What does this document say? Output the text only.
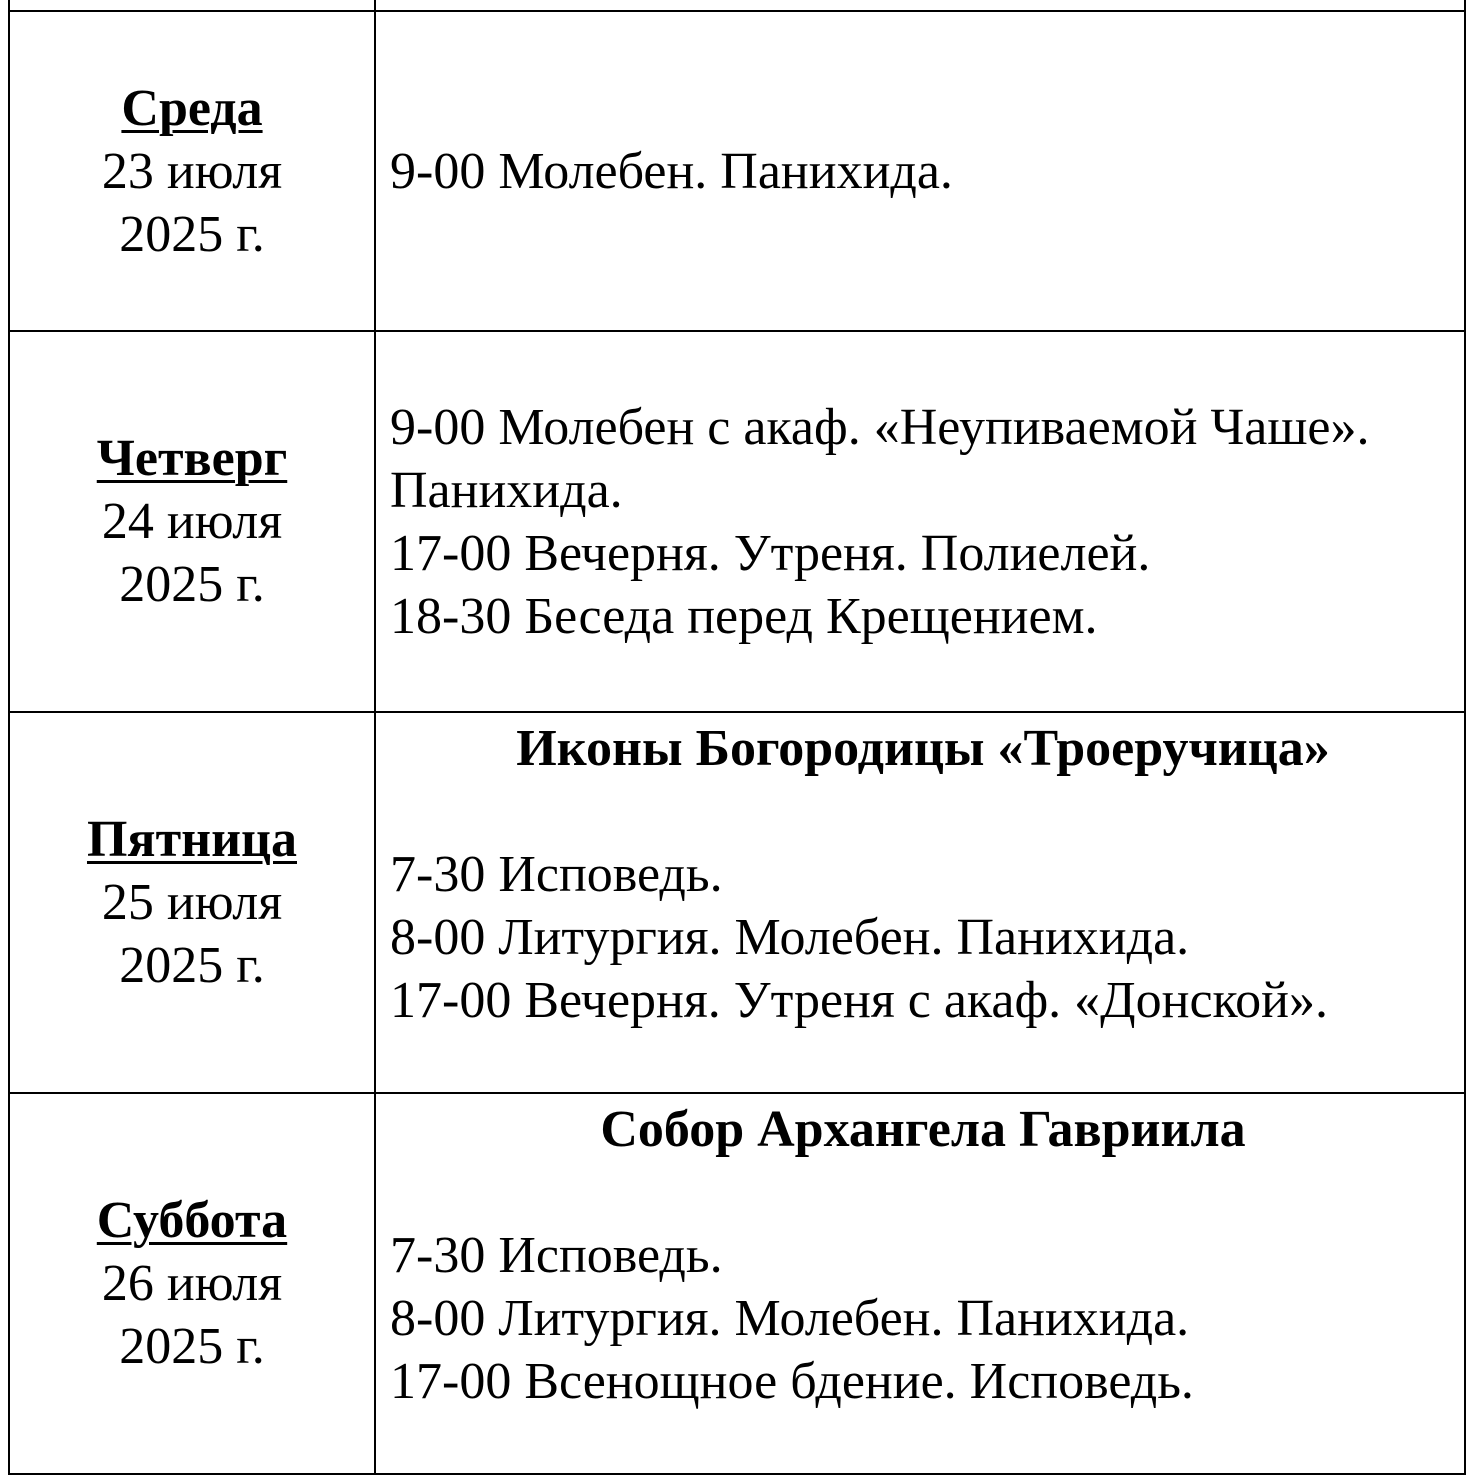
Среда
23 июля
2025 г.	9-00 Молебен. Панихида.

Четверг
24 июля
2025 г.	9-00 Молебен с акаф. «Неупиваемой Чаше».
Панихида.
17-00 Вечерня. Утреня. Полиелей.
18-30 Беседа перед Крещением.

Пятница
25 июля
2025 г.	Иконы Богородицы «Троеручица»
7-30 Исповедь.
8-00 Литургия. Молебен. Панихида.
17-00 Вечерня. Утреня с акаф. «Донской».

Суббота
26 июля
2025 г.	Собор Архангела Гавриила
7-30 Исповедь.
8-00 Литургия. Молебен. Панихида.
17-00 Всенощное бдение. Исповедь.
